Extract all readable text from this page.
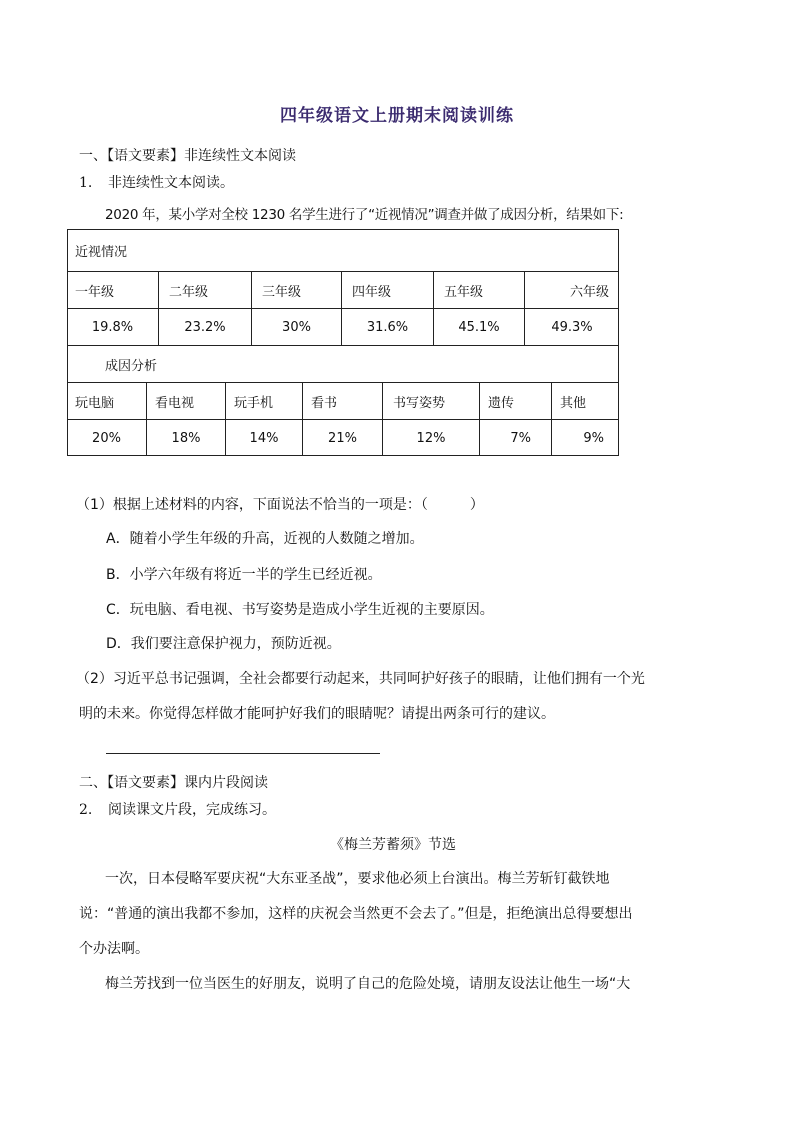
四年级语文上册期末阅读训练
一、【语文要素】非连续性文本阅读
1. 非连续性文本阅读。
2020 年，某小学对全校 1230 名学生进行了“近视情况”调查并做了成因分析，结果如下:
近视情况
一年级	二年级	三年级	四年级	五年级	六年级
19.8%	23.2%	30%	31.6%	45.1%	49.3%
成因分析
玩电脑	看电视	玩手机	看书	书写姿势	遗传	其他
20%	18%	14%	21%	12%	7%	9%
（1）根据上述材料的内容，下面说法不恰当的一项是：（　　　）
A．随着小学生年级的升高，近视的人数随之增加。
B．小学六年级有将近一半的学生已经近视。
C．玩电脑、看电视、书写姿势是造成小学生近视的主要原因。
D．我们要注意保护视力，预防近视。
（2）习近平总书记强调，全社会都要行动起来，共同呵护好孩子的眼睛，让他们拥有一个光
明的未来。你觉得怎样做才能呵护好我们的眼睛呢？请提出两条可行的建议。
二、【语文要素】课内片段阅读
2. 阅读课文片段，完成练习。
《梅兰芳蓄须》节选
一次，日本侵略军要庆祝“大东亚圣战”，要求他必须上台演出。梅兰芳斩钉截铁地
说：“普通的演出我都不参加，这样的庆祝会当然更不会去了。”但是，拒绝演出总得要想出
个办法啊。
梅兰芳找到一位当医生的好朋友，说明了自己的危险处境，请朋友设法让他生一场“大
